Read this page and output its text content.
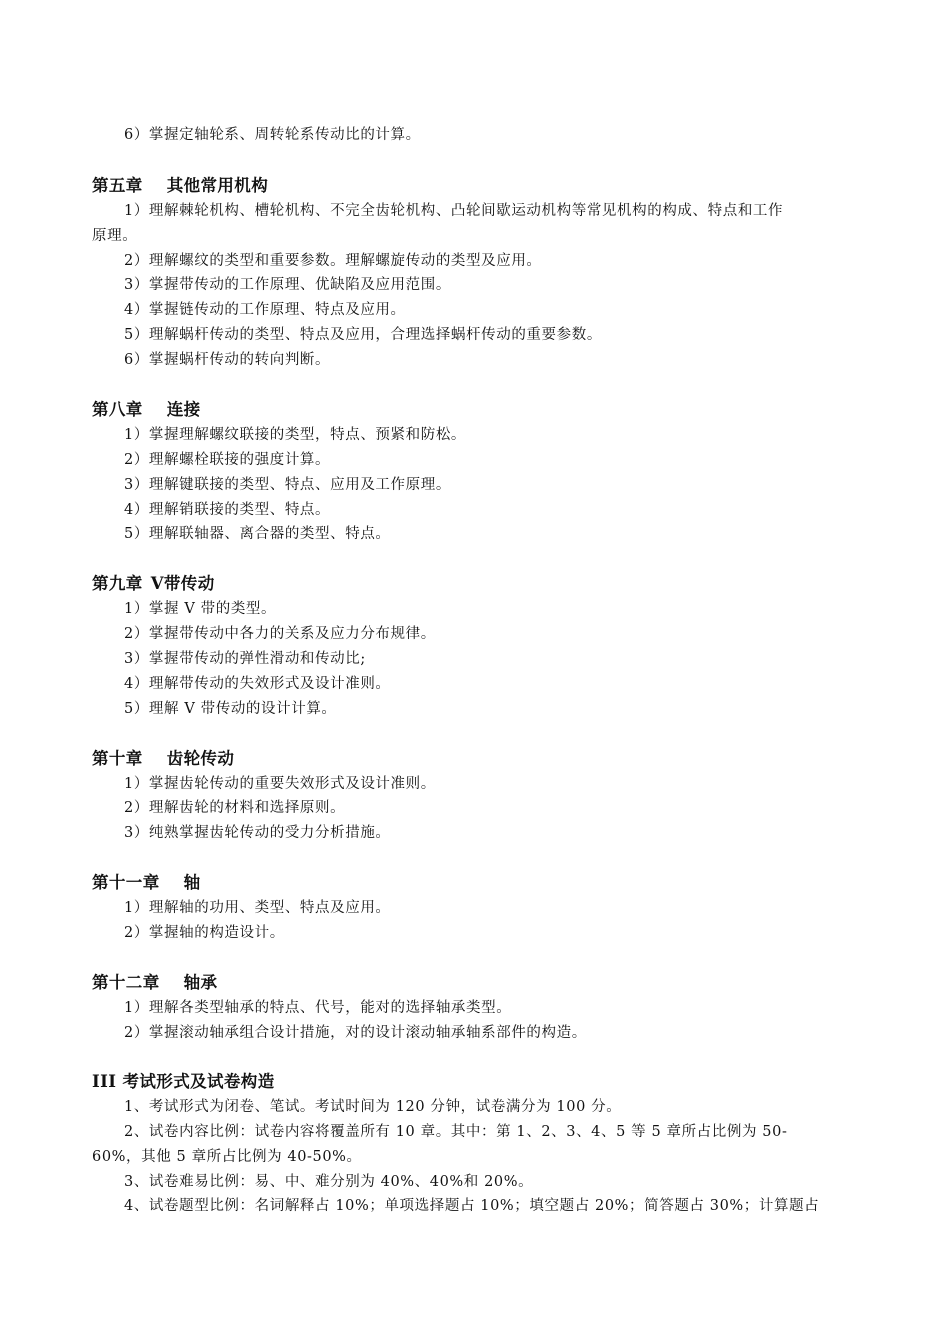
6）掌握定轴轮系、周转轮系传动比的计算。
第五章 其他常用机构
1）理解棘轮机构、槽轮机构、不完全齿轮机构、凸轮间歇运动机构等常见机构的构成、特点和工作
原理。
2）理解螺纹的类型和重要参数。理解螺旋传动的类型及应用。
3）掌握带传动的工作原理、优缺陷及应用范围。
4）掌握链传动的工作原理、特点及应用。
5）理解蜗杆传动的类型、特点及应用，合理选择蜗杆传动的重要参数。
6）掌握蜗杆传动的转向判断。
第八章 连接
1）掌握理解螺纹联接的类型，特点、预紧和防松。
2）理解螺栓联接的强度计算。
3）理解键联接的类型、特点、应用及工作原理。
4）理解销联接的类型、特点。
5）理解联轴器、离合器的类型、特点。
第九章 V带传动
1）掌握 V 带的类型。
2）掌握带传动中各力的关系及应力分布规律。
3）掌握带传动的弹性滑动和传动比;
4）理解带传动的失效形式及设计准则。
5）理解 V 带传动的设计计算。
第十章 齿轮传动
1）掌握齿轮传动的重要失效形式及设计准则。
2）理解齿轮的材料和选择原则。
3）纯熟掌握齿轮传动的受力分析措施。
第十一章 轴
1）理解轴的功用、类型、特点及应用。
2）掌握轴的构造设计。
第十二章 轴承
1）理解各类型轴承的特点、代号，能对的选择轴承类型。
2）掌握滚动轴承组合设计措施，对的设计滚动轴承轴系部件的构造。
III 考试形式及试卷构造
1、考试形式为闭卷、笔试。考试时间为 120 分钟，试卷满分为 100 分。
2、试卷内容比例：试卷内容将覆盖所有 10 章。其中：第 1、2、3、4、5 等 5 章所占比例为 50-
60%，其他 5 章所占比例为 40-50%。
3、试卷难易比例：易、中、难分别为 40%、40%和 20%。
4、试卷题型比例：名词解释占 10%；单项选择题占 10%；填空题占 20%；简答题占 30%；计算题占
